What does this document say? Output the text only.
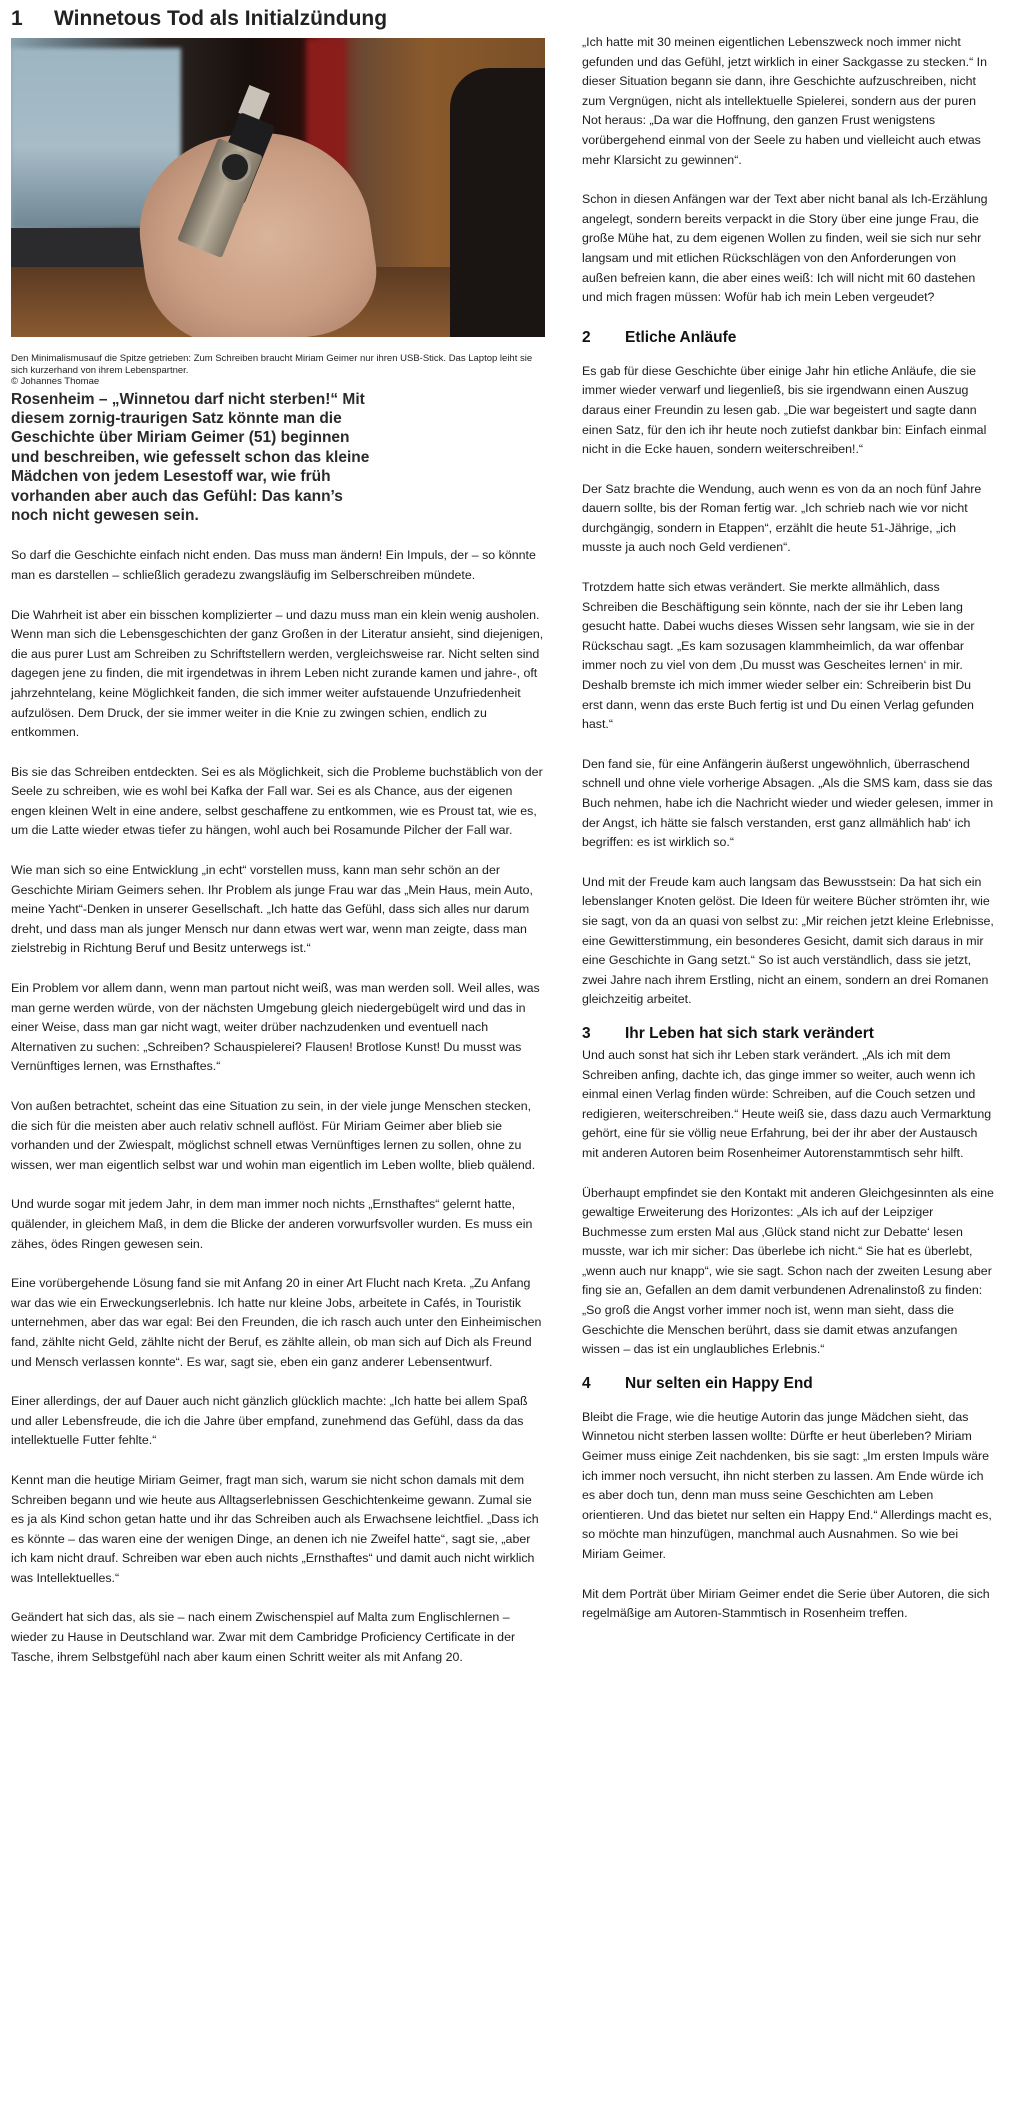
1 Winnetous Tod als Initialzündung
Den Minimalismusauf die Spitze getrieben: Zum Schreiben braucht Miriam Geimer nur ihren USB-Stick. Das Laptop leiht sie sich kurzerhand von ihrem Lebenspartner.
© Johannes Thomae
Rosenheim – „Winnetou darf nicht sterben!“ Mit diesem zornig-traurigen Satz könnte man die Geschichte über Miriam Geimer (51) beginnen und beschreiben, wie gefesselt schon das kleine Mädchen von jedem Lesestoff war, wie früh vorhanden aber auch das Gefühl: Das kann’s noch nicht gewesen sein.

So darf die Geschichte einfach nicht enden. Das muss man ändern! Ein Impuls, der – so könnte man es darstellen – schließlich geradezu zwangsläufig im Selberschreiben mündete.

Die Wahrheit ist aber ein bisschen komplizierter – und dazu muss man ein klein wenig ausholen. Wenn man sich die Lebensgeschichten der ganz Großen in der Literatur ansieht, sind diejenigen, die aus purer Lust am Schreiben zu Schriftstellern werden, vergleichsweise rar. Nicht selten sind dagegen jene zu finden, die mit irgendetwas in ihrem Leben nicht zurande kamen und jahre-, oft jahrzehntelang, keine Möglichkeit fanden, die sich immer weiter aufstauende Unzufriedenheit aufzulösen. Dem Druck, der sie immer weiter in die Knie zu zwingen schien, endlich zu entkommen.

Bis sie das Schreiben entdeckten. Sei es als Möglichkeit, sich die Probleme buchstäblich von der Seele zu schreiben, wie es wohl bei Kafka der Fall war. Sei es als Chance, aus der eigenen engen kleinen Welt in eine andere, selbst geschaffene zu entkommen, wie es Proust tat, wie es, um die Latte wieder etwas tiefer zu hängen, wohl auch bei Rosamunde Pilcher der Fall war.

Wie man sich so eine Entwicklung „in echt“ vorstellen muss, kann man sehr schön an der Geschichte Miriam Geimers sehen. Ihr Problem als junge Frau war das „Mein Haus, mein Auto, meine Yacht“-Denken in unserer Gesellschaft. „Ich hatte das Gefühl, dass sich alles nur darum dreht, und dass man als junger Mensch nur dann etwas wert war, wenn man zeigte, dass man zielstrebig in Richtung Beruf und Besitz unterwegs ist.“

Ein Problem vor allem dann, wenn man partout nicht weiß, was man werden soll. Weil alles, was man gerne werden würde, von der nächsten Umgebung gleich niedergebügelt wird und das in einer Weise, dass man gar nicht wagt, weiter drüber nachzudenken und eventuell nach Alternativen zu suchen: „Schreiben? Schauspielerei? Flausen! Brotlose Kunst! Du musst was Vernünftiges lernen, was Ernsthaftes.“

Von außen betrachtet, scheint das eine Situation zu sein, in der viele junge Menschen stecken, die sich für die meisten aber auch relativ schnell auflöst. Für Miriam Geimer aber blieb sie vorhanden und der Zwiespalt, möglichst schnell etwas Vernünftiges lernen zu sollen, ohne zu wissen, wer man eigentlich selbst war und wohin man eigentlich im Leben wollte, blieb quälend.

Und wurde sogar mit jedem Jahr, in dem man immer noch nichts „Ernsthaftes“ gelernt hatte, quälender, in gleichem Maß, in dem die Blicke der anderen vorwurfsvoller wurden. Es muss ein zähes, ödes Ringen gewesen sein.

Eine vorübergehende Lösung fand sie mit Anfang 20 in einer Art Flucht nach Kreta. „Zu Anfang war das wie ein Erweckungserlebnis. Ich hatte nur kleine Jobs, arbeitete in Cafés, in Touristik unternehmen, aber das war egal: Bei den Freunden, die ich rasch auch unter den Einheimischen fand, zählte nicht Geld, zählte nicht der Beruf, es zählte allein, ob man sich auf Dich als Freund und Mensch verlassen konnte“. Es war, sagt sie, eben ein ganz anderer Lebensentwurf.

Einer allerdings, der auf Dauer auch nicht gänzlich glücklich machte: „Ich hatte bei allem Spaß und aller Lebensfreude, die ich die Jahre über empfand, zunehmend das Gefühl, dass da das intellektuelle Futter fehlte.“

Kennt man die heutige Miriam Geimer, fragt man sich, warum sie nicht schon damals mit dem Schreiben begann und wie heute aus Alltagserlebnissen Geschichtenkeime gewann. Zumal sie es ja als Kind schon getan hatte und ihr das Schreiben auch als Erwachsene leichtfiel. „Dass ich es könnte – das waren eine der wenigen Dinge, an denen ich nie Zweifel hatte“, sagt sie, „aber ich kam nicht drauf. Schreiben war eben auch nichts „Ernsthaftes“ und damit auch nicht wirklich was Intellektuelles.“

Geändert hat sich das, als sie – nach einem Zwischenspiel auf Malta zum Englischlernen – wieder zu Hause in Deutschland war. Zwar mit dem Cambridge Proficiency Certificate in der Tasche, ihrem Selbstgefühl nach aber kaum einen Schritt weiter als mit Anfang 20.

„Ich hatte mit 30 meinen eigentlichen Lebenszweck noch immer nicht gefunden und das Gefühl, jetzt wirklich in einer Sackgasse zu stecken.“ In dieser Situation begann sie dann, ihre Geschichte aufzuschreiben, nicht zum Vergnügen, nicht als intellektuelle Spielerei, sondern aus der puren Not heraus: „Da war die Hoffnung, den ganzen Frust wenigstens vorübergehend einmal von der Seele zu haben und vielleicht auch etwas mehr Klarsicht zu gewinnen“.

Schon in diesen Anfängen war der Text aber nicht banal als Ich-Erzählung angelegt, sondern bereits verpackt in die Story über eine junge Frau, die große Mühe hat, zu dem eigenen Wollen zu finden, weil sie sich nur sehr langsam und mit etlichen Rückschlägen von den Anforderungen von außen befreien kann, die aber eines weiß: Ich will nicht mit 60 dastehen und mich fragen müssen: Wofür hab ich mein Leben vergeudet?

2 Etliche Anläufe

Es gab für diese Geschichte über einige Jahr hin etliche Anläufe, die sie immer wieder verwarf und liegenließ, bis sie irgendwann einen Auszug daraus einer Freundin zu lesen gab. „Die war begeistert und sagte dann einen Satz, für den ich ihr heute noch zutiefst dankbar bin: Einfach einmal nicht in die Ecke hauen, sondern weiterschreiben!.“

Der Satz brachte die Wendung, auch wenn es von da an noch fünf Jahre dauern sollte, bis der Roman fertig war. „Ich schrieb nach wie vor nicht durchgängig, sondern in Etappen“, erzählt die heute 51-Jährige, „ich musste ja auch noch Geld verdienen“.

Trotzdem hatte sich etwas verändert. Sie merkte allmählich, dass Schreiben die Beschäftigung sein könnte, nach der sie ihr Leben lang gesucht hatte. Dabei wuchs dieses Wissen sehr langsam, wie sie in der Rückschau sagt. „Es kam sozusagen klammheimlich, da war offenbar immer noch zu viel von dem ‚Du musst was Gescheites lernen‘ in mir. Deshalb bremste ich mich immer wieder selber ein: Schreiberin bist Du erst dann, wenn das erste Buch fertig ist und Du einen Verlag gefunden hast.“

Den fand sie, für eine Anfängerin äußerst ungewöhnlich, überraschend schnell und ohne viele vorherige Absagen. „Als die SMS kam, dass sie das Buch nehmen, habe ich die Nachricht wieder und wieder gelesen, immer in der Angst, ich hätte sie falsch verstanden, erst ganz allmählich hab‘ ich begriffen: es ist wirklich so.“

Und mit der Freude kam auch langsam das Bewusstsein: Da hat sich ein lebenslanger Knoten gelöst. Die Ideen für weitere Bücher strömten ihr, wie sie sagt, von da an quasi von selbst zu: „Mir reichen jetzt kleine Erlebnisse, eine Gewitterstimmung, ein besonderes Gesicht, damit sich daraus in mir eine Geschichte in Gang setzt.“ So ist auch verständlich, dass sie jetzt, zwei Jahre nach ihrem Erstling, nicht an einem, sondern an drei Romanen gleichzeitig arbeitet.

3 Ihr Leben hat sich stark verändert

Und auch sonst hat sich ihr Leben stark verändert. „Als ich mit dem Schreiben anfing, dachte ich, das ginge immer so weiter, auch wenn ich einmal einen Verlag finden würde: Schreiben, auf die Couch setzen und redigieren, weiterschreiben.“ Heute weiß sie, dass dazu auch Vermarktung gehört, eine für sie völlig neue Erfahrung, bei der ihr aber der Austausch mit anderen Autoren beim Rosenheimer Autorenstammtisch sehr hilft.

Überhaupt empfindet sie den Kontakt mit anderen Gleichgesinnten als eine gewaltige Erweiterung des Horizontes: „Als ich auf der Leipziger Buchmesse zum ersten Mal aus ‚Glück stand nicht zur Debatte‘ lesen musste, war ich mir sicher: Das überlebe ich nicht.“ Sie hat es überlebt, „wenn auch nur knapp“, wie sie sagt. Schon nach der zweiten Lesung aber fing sie an, Gefallen an dem damit verbundenen Adrenalinstoß zu finden: „So groß die Angst vorher immer noch ist, wenn man sieht, dass die Geschichte die Menschen berührt, dass sie damit etwas anzufangen wissen – das ist ein unglaubliches Erlebnis.“

4 Nur selten ein Happy End

Bleibt die Frage, wie die heutige Autorin das junge Mädchen sieht, das Winnetou nicht sterben lassen wollte: Dürfte er heut überleben? Miriam Geimer muss einige Zeit nachdenken, bis sie sagt: „Im ersten Impuls wäre ich immer noch versucht, ihn nicht sterben zu lassen. Am Ende würde ich es aber doch tun, denn man muss seine Geschichten am Leben orientieren. Und das bietet nur selten ein Happy End.“ Allerdings macht es, so möchte man hinzufügen, manchmal auch Ausnahmen. So wie bei Miriam Geimer.

Mit dem Porträt über Miriam Geimer endet die Serie über Autoren, die sich regelmäßige am Autoren-Stammtisch in Rosenheim treffen.
